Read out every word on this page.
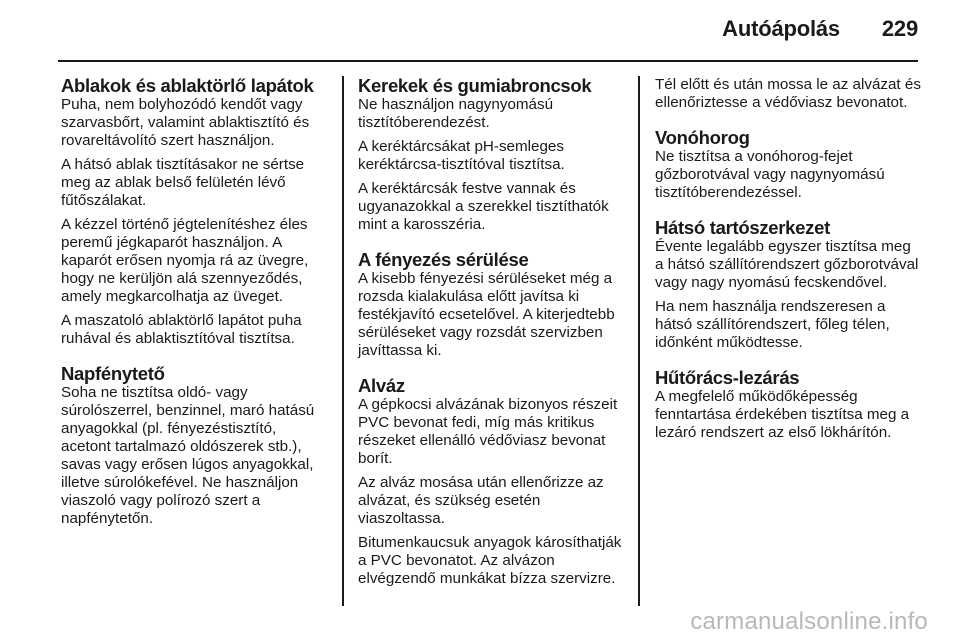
Autóápolás 229
Ablakok és ablaktörlő lapátok

Puha, nem bolyhozódó kendőt vagy szarvasbőrt, valamint ablaktisztító és rovareltávolító szert használjon.

A hátsó ablak tisztításakor ne sértse meg az ablak belső felületén lévő fűtőszálakat.

A kézzel történő jégtelenítéshez éles peremű jégkaparót használjon. A kaparót erősen nyomja rá az üvegre, hogy ne kerüljön alá szennyeződés, amely megkarcolhatja az üveget.

A maszatoló ablaktörlő lapátot puha ruhával és ablaktisztítóval tisztítsa.

Napfénytető

Soha ne tisztítsa oldó- vagy súrolószerrel, benzinnel, maró hatású anyagokkal (pl. fényezéstisztító, acetont tartalmazó oldószerek stb.), savas vagy erősen lúgos anyagokkal, illetve súrolókefével. Ne használjon viaszoló vagy polírozó szert a napfénytetőn.

Kerekek és gumiabroncsok

Ne használjon nagynyomású tisztítóberendezést.

A keréktárcsákat pH-semleges keréktárcsa-tisztítóval tisztítsa.

A keréktárcsák festve vannak és ugyanazokkal a szerekkel tisztíthatók mint a karosszéria.

A fényezés sérülése

A kisebb fényezési sérüléseket még a rozsda kialakulása előtt javítsa ki festékjavító ecsetelővel. A kiterjedtebb sérüléseket vagy rozsdát szervizben javíttassa ki.

Alváz

A gépkocsi alvázának bizonyos részeit PVC bevonat fedi, míg más kritikus részeket ellenálló védőviasz bevonat borít.

Az alváz mosása után ellenőrizze az alvázat, és szükség esetén viaszoltassa.

Bitumenkaucsuk anyagok károsíthatják a PVC bevonatot. Az alvázon elvégzendő munkákat bízza szervizre.

Tél előtt és után mossa le az alvázat és ellenőriztesse a védőviasz bevonatot.

Vonóhorog

Ne tisztítsa a vonóhorog-fejet gőzborotvával vagy nagynyomású tisztítóberendezéssel.

Hátsó tartószerkezet

Évente legalább egyszer tisztítsa meg a hátsó szállítórendszert gőzborotvával vagy nagy nyomású fecskendővel.

Ha nem használja rendszeresen a hátsó szállítórendszert, főleg télen, időnként működtesse.

Hűtőrács-lezárás

A megfelelő működőképesség fenntartása érdekében tisztítsa meg a lezáró rendszert az első lökhárítón.

carmanualsonline.info
